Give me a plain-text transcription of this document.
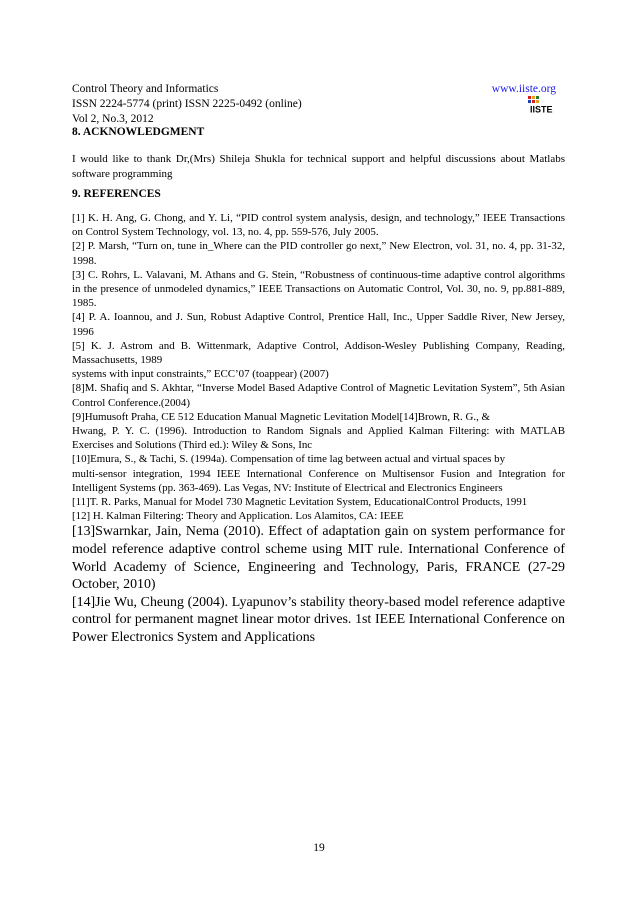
Control Theory and Informatics
ISSN 2224-5774 (print) ISSN 2225-0492 (online)
Vol 2, No.3, 2012
www.iiste.org
IISTE
8. ACKNOWLEDGMENT
I would like to thank Dr,(Mrs) Shileja Shukla for technical support and helpful discussions about Matlabs software programming
9. REFERENCES
[1] K. H. Ang, G. Chong, and Y. Li, “PID control system analysis, design, and technology,” IEEE Transactions on Control System Technology, vol. 13, no. 4, pp. 559-576, July 2005.
[2] P. Marsh, “Turn on, tune in_Where can the PID controller go next,” New Electron, vol. 31, no. 4, pp. 31-32, 1998.
[3] C. Rohrs, L. Valavani, M. Athans and G. Stein, “Robustness of continuous-time adaptive control algorithms in the presence of unmodeled dynamics,” IEEE Transactions on Automatic Control, Vol. 30, no. 9, pp.881-889, 1985.
[4] P. A. Ioannou, and J. Sun, Robust Adaptive Control, Prentice Hall, Inc., Upper Saddle River, New Jersey, 1996
[5] K. J. Astrom and B. Wittenmark, Adaptive Control, Addison-Wesley Publishing Company, Reading, Massachusetts, 1989
systems with input constraints,” ECC’07 (toappear) (2007)
[8]M. Shafiq and S. Akhtar, “Inverse Model Based Adaptive Control of Magnetic Levitation System”, 5th Asian Control Conference.(2004)
[9]Humusoft Praha, CE 512 Education Manual Magnetic Levitation Model[14]Brown, R. G., &
Hwang, P. Y. C. (1996). Introduction to Random Signals and Applied Kalman Filtering: with MATLAB Exercises and Solutions (Third ed.): Wiley & Sons, Inc
[10]Emura, S., & Tachi, S. (1994a). Compensation of time lag between actual and virtual spaces by
multi-sensor integration, 1994 IEEE International Conference on Multisensor Fusion and Integration for Intelligent Systems (pp. 363-469). Las Vegas, NV: Institute of Electrical and Electronics Engineers
[11]T. R. Parks, Manual for Model 730 Magnetic Levitation System, EducationalControl Products, 1991
[12] H. Kalman Filtering: Theory and Application. Los Alamitos, CA: IEEE
[13]Swarnkar, Jain, Nema (2010). Effect of adaptation gain on system performance for model reference adaptive control scheme using MIT rule. International Conference of World Academy of Science, Engineering and Technology, Paris, FRANCE (27-29 October, 2010)
[14]Jie Wu, Cheung (2004). Lyapunov’s stability theory-based model reference adaptive control for permanent magnet linear motor drives. 1st IEEE International Conference on Power Electronics System and Applications
19
